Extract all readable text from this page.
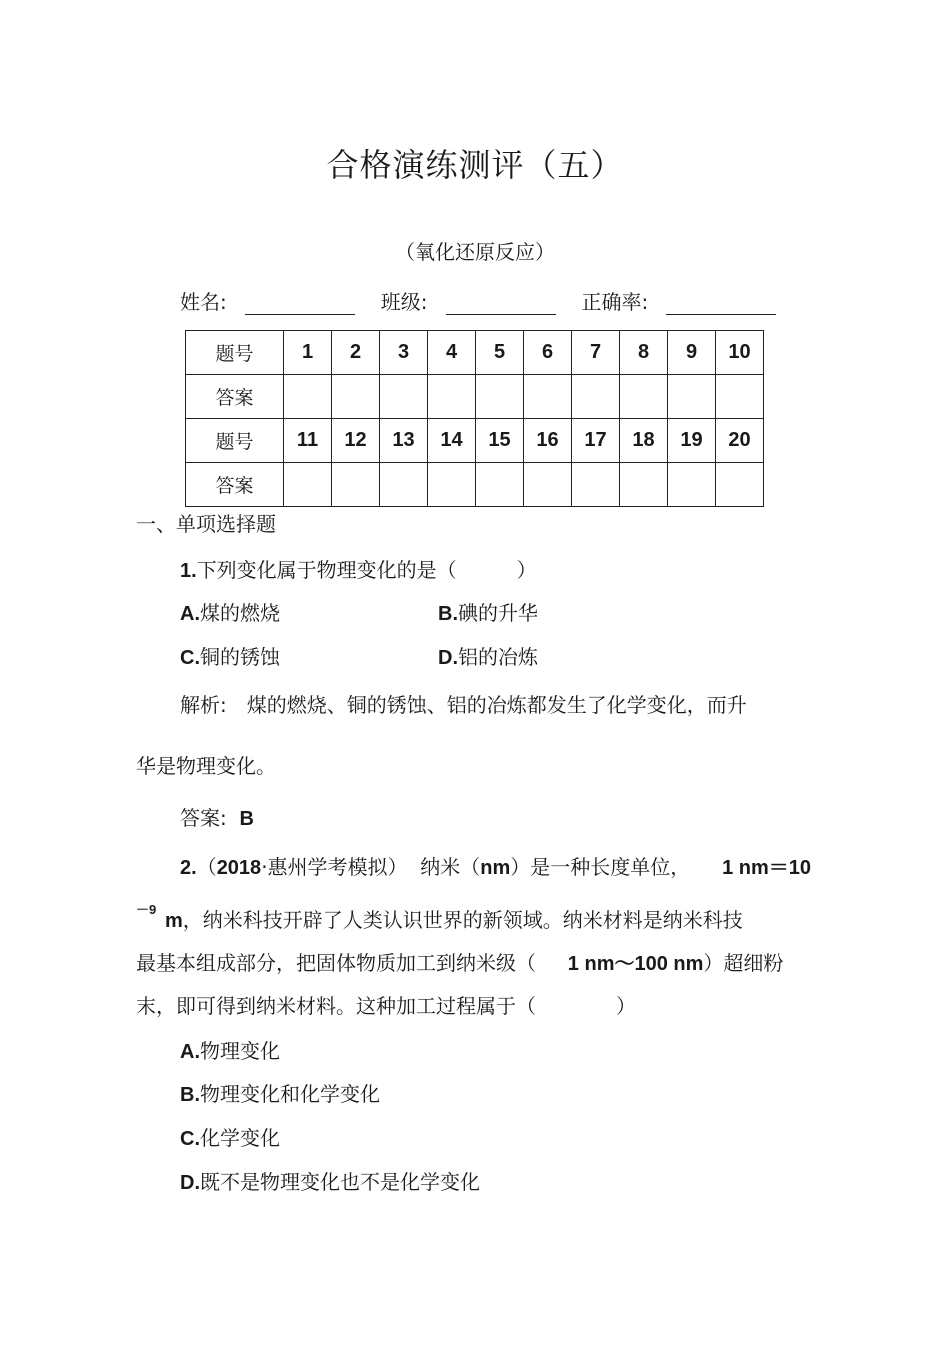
合格演练测评（五）
（氧化还原反应）
姓名:	班级:	正确率:
题号	1	2	3	4	5	6	7	8	9	10
答案										
题号	11	12	13	14	15	16	17	18	19	20
答案										
一、单项选择题
1.下列变化属于物理变化的是（　　　）
A.煤的燃烧	B.碘的升华
C.铜的锈蚀	D.铝的冶炼
解析:　煤的燃烧、铜的锈蚀、铝的冶炼都发生了化学变化，而升
华是物理变化。
答案: B
2.（2018·惠州学考模拟） 纳米（nm）是一种长度单位， 1 nm＝10
－9
m，纳米科技开辟了人类认识世界的新领域。纳米材料是纳米科技
最基本组成部分，把固体物质加工到纳米级（ 1 nm～100 nm）超细粉
末，即可得到纳米材料。这种加工过程属于（　　　　）
A.物理变化
B.物理变化和化学变化
C.化学变化
D.既不是物理变化也不是化学变化
